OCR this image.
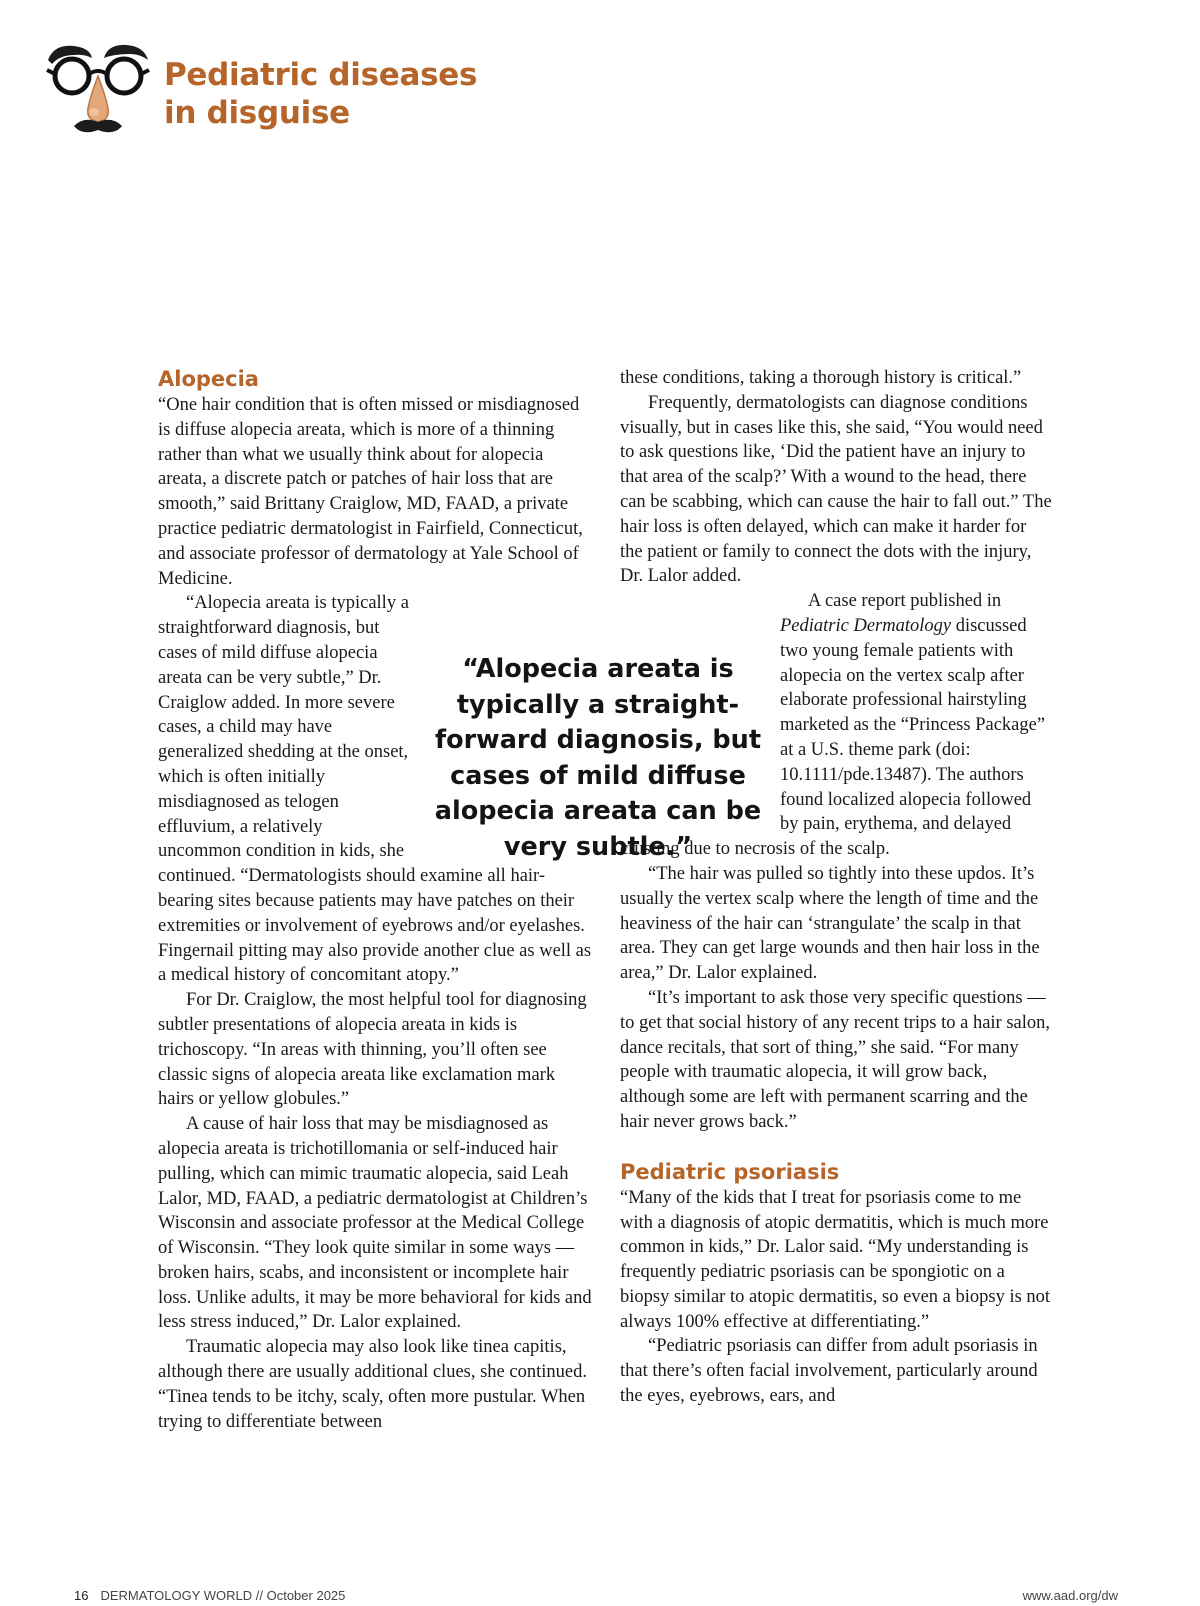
Pediatric diseases
in disguise
Alopecia

“One hair condition that is often missed or misdiagnosed is diffuse alopecia areata, which is more of a thinning rather than what we usually think about for alopecia areata, a discrete patch or patches of hair loss that are smooth,” said Brittany Craiglow, MD, FAAD, a private practice pediatric dermatologist in Fairfield, Connecticut, and associate professor of dermatology at Yale School of Medicine.

“Alopecia areata is typically a straightforward diagnosis, but cases of mild diffuse alopecia areata can be very subtle,” Dr. Craiglow added. In more severe cases, a child may have generalized shedding at the onset, which is often initially misdiagnosed as telogen effluvium, a relatively uncommon condition in kids, she continued. “Dermatologists should examine all hair-bearing sites because patients may have patches on their extremities or involvement of eyebrows and/or eyelashes. Fingernail pitting may also provide another clue as well as a medical history of concomitant atopy.”

For Dr. Craiglow, the most helpful tool for diagnosing subtler presentations of alopecia areata in kids is trichoscopy. “In areas with thinning, you’ll often see classic signs of alopecia areata like exclamation mark hairs or yellow globules.”

A cause of hair loss that may be misdiagnosed as alopecia areata is trichotillomania or self-induced hair pulling, which can mimic traumatic alopecia, said Leah Lalor, MD, FAAD, a pediatric dermatologist at Children’s Wisconsin and associate professor at the Medical College of Wisconsin. “They look quite similar in some ways — broken hairs, scabs, and inconsistent or incomplete hair loss. Unlike adults, it may be more behavioral for kids and less stress induced,” Dr. Lalor explained.

Traumatic alopecia may also look like tinea capitis, although there are usually additional clues, she continued. “Tinea tends to be itchy, scaly, often more pustular. When trying to differentiate between

these conditions, taking a thorough history is critical.”

Frequently, dermatologists can diagnose conditions visually, but in cases like this, she said, “You would need to ask questions like, ‘Did the patient have an injury to that area of the scalp?’ With a wound to the head, there can be scabbing, which can cause the hair to fall out.” The hair loss is often delayed, which can make it harder for the patient or family to connect the dots with the injury, Dr. Lalor added.

A case report published in Pediatric Dermatology discussed two young female patients with alopecia on the vertex scalp after elaborate professional hairstyling marketed as the “Princess Package” at a U.S. theme park (doi: 10.1111/pde.13487). The authors found localized alopecia followed by pain, erythema, and delayed crusting due to necrosis of the scalp.

“The hair was pulled so tightly into these updos. It’s usually the vertex scalp where the length of time and the heaviness of the hair can ‘strangulate’ the scalp in that area. They can get large wounds and then hair loss in the area,” Dr. Lalor explained.

“It’s important to ask those very specific questions — to get that social history of any recent trips to a hair salon, dance recitals, that sort of thing,” she said. “For many people with traumatic alopecia, it will grow back, although some are left with permanent scarring and the hair never grows back.”

Pediatric psoriasis

“Many of the kids that I treat for psoriasis come to me with a diagnosis of atopic dermatitis, which is much more common in kids,” Dr. Lalor said. “My understanding is frequently pediatric psoriasis can be spongiotic on a biopsy similar to atopic dermatitis, so even a biopsy is not always 100% effective at differentiating.”

“Pediatric psoriasis can differ from adult psoriasis in that there’s often facial involvement, particularly around the eyes, eyebrows, ears, and

“Alopecia areata is typically a straight-forward diagnosis, but cases of mild diffuse alopecia areata can be very subtle.”

16 DERMATOLOGY WORLD // October 2025	www.aad.org/dw
